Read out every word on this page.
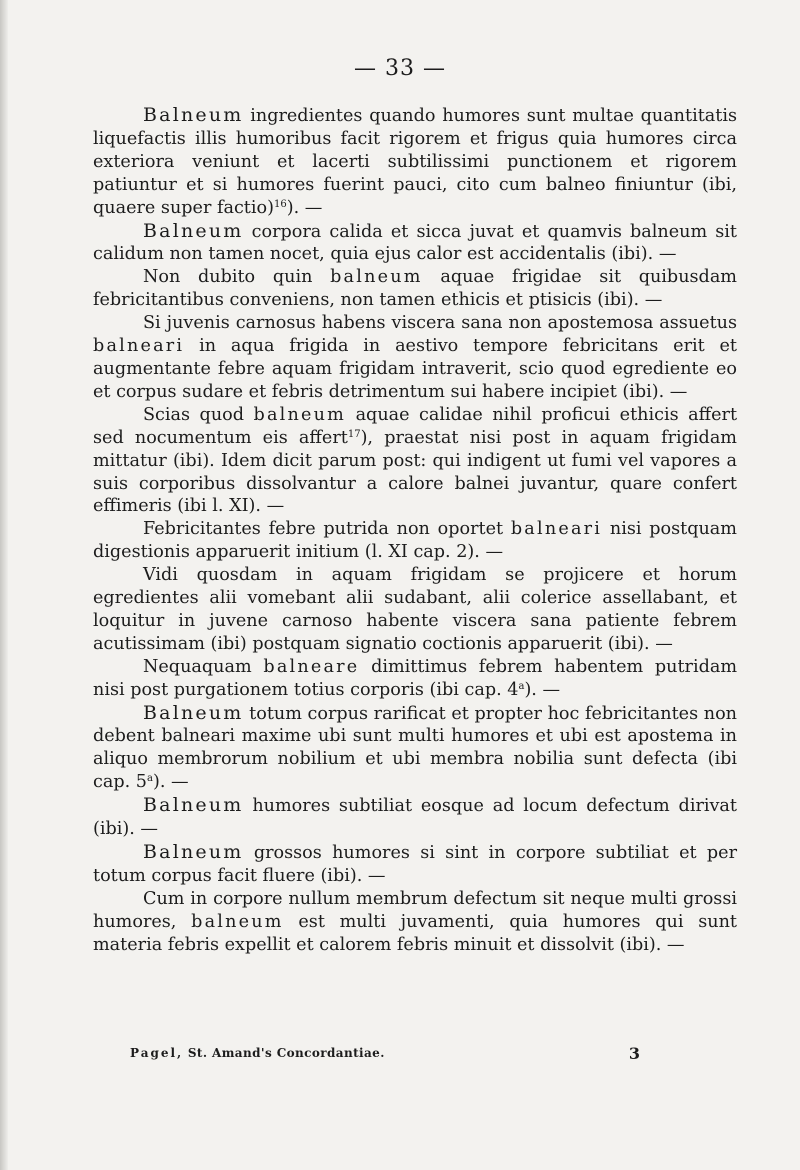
— 33 —

Balneum ingredientes quando humores sunt multae quantitatis liquefactis illis humoribus facit rigorem et frigus quia humores circa exteriora veniunt et lacerti subtilissimi punctionem et rigorem patiuntur et si humores fuerint pauci, cito cum balneo finiuntur (ibi, quaere super factio)$^{16}$). —

Balneum corpora calida et sicca juvat et quamvis balneum sit calidum non tamen nocet, quia ejus calor est accidentalis (ibi). —

Non dubito quin balneum aquae frigidae sit quibusdam febricitantibus conveniens, non tamen ethicis et ptisicis (ibi). —

Si juvenis carnosus habens viscera sana non apostemosa assuetus balneari in aqua frigida in aestivo tempore febricitans erit et augmentante febre aquam frigidam intraverit, scio quod egrediente eo et corpus sudare et febris detrimentum sui habere incipiet (ibi). —

Scias quod balneum aquae calidae nihil proficui ethicis affert sed nocumentum eis affert$^{17}$), praestat nisi post in aquam frigidam mittatur (ibi). Idem dicit parum post: qui indigent ut fumi vel vapores a suis corporibus dissolvantur a calore balnei juvantur, quare confert effimeris (ibi l. XI). —

Febricitantes febre putrida non oportet balneari nisi postquam digestionis apparuerit initium (l. XI cap. 2). —

Vidi quosdam in aquam frigidam se projicere et horum egredientes alii vomebant alii sudabant, alii colerice assellabant, et loquitur in juvene carnoso habente viscera sana patiente febrem acutissimam (ibi) postquam signatio coctionis apparuerit (ibi). —

Nequaquam balneare dimittimus febrem habentem putridam nisi post purgationem totius corporis (ibi cap. 4$^a$). —

Balneum totum corpus rarificat et propter hoc febricitantes non debent balneari maxime ubi sunt multi humores et ubi est apostema in aliquo membrorum nobilium et ubi membra nobilia sunt defecta (ibi cap. 5$^a$). —

Balneum humores subtiliat eosque ad locum defectum dirivat (ibi). —

Balneum grossos humores si sint in corpore subtiliat et per totum corpus facit fluere (ibi). —

Cum in corpore nullum membrum defectum sit neque multi grossi humores, balneum est multi juvamenti, quia humores qui sunt materia febris expellit et calorem febris minuit et dissolvit (ibi). —

Pagel, St. Amand's Concordantiae.	3
